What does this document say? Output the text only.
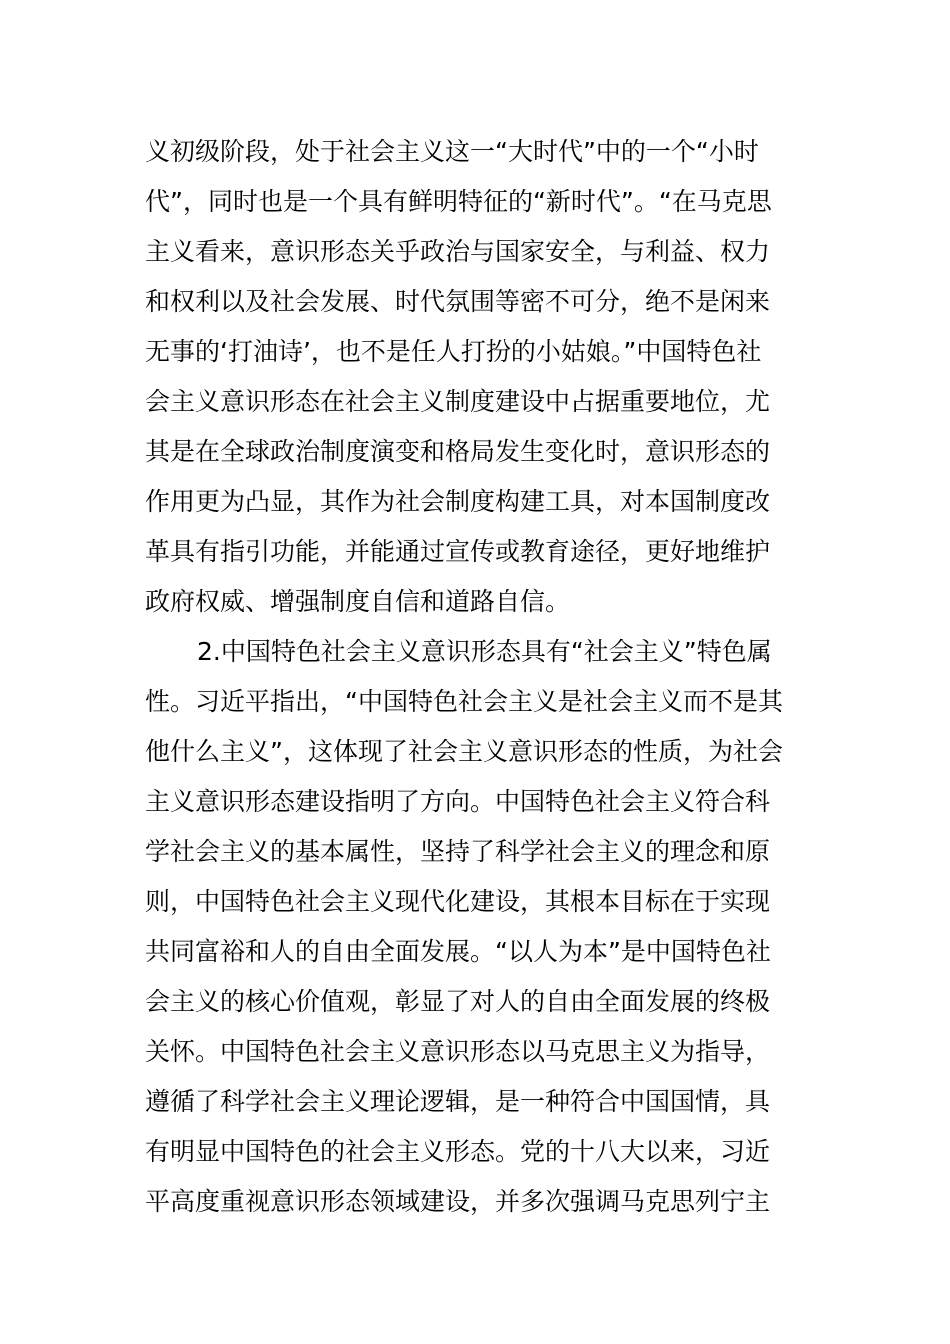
义初级阶段，处于社会主义这一“大时代”中的一个“小时
代”，同时也是一个具有鲜明特征的“新时代”。“在马克思
主义看来，意识形态关乎政治与国家安全，与利益、权力
和权利以及社会发展、时代氛围等密不可分，绝不是闲来
无事的‘打油诗’，也不是任人打扮的小姑娘。”中国特色社
会主义意识形态在社会主义制度建设中占据重要地位，尤
其是在全球政治制度演变和格局发生变化时，意识形态的
作用更为凸显，其作为社会制度构建工具，对本国制度改
革具有指引功能，并能通过宣传或教育途径，更好地维护
政府权威、增强制度自信和道路自信。
2.中国特色社会主义意识形态具有“社会主义”特色属
性。习近平指出，“中国特色社会主义是社会主义而不是其
他什么主义”，这体现了社会主义意识形态的性质，为社会
主义意识形态建设指明了方向。中国特色社会主义符合科
学社会主义的基本属性，坚持了科学社会主义的理念和原
则，中国特色社会主义现代化建设，其根本目标在于实现
共同富裕和人的自由全面发展。“以人为本”是中国特色社
会主义的核心价值观，彰显了对人的自由全面发展的终极
关怀。中国特色社会主义意识形态以马克思主义为指导，
遵循了科学社会主义理论逻辑，是一种符合中国国情，具
有明显中国特色的社会主义形态。党的十八大以来，习近
平高度重视意识形态领域建设，并多次强调马克思列宁主
